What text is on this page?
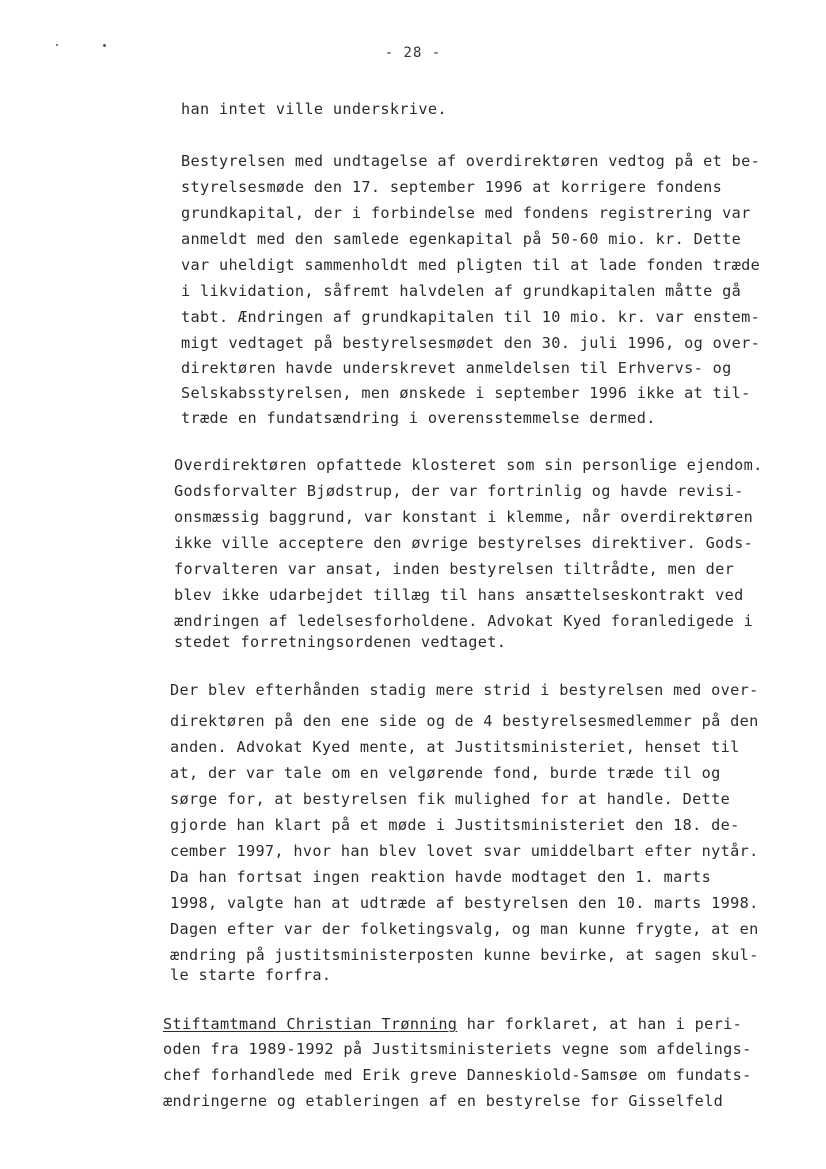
- 28 -
han intet ville underskrive.
Bestyrelsen med undtagelse af overdirektøren vedtog på et be-
styrelsesmøde den 17. september 1996 at korrigere fondens
grundkapital, der i forbindelse med fondens registrering var
anmeldt med den samlede egenkapital på 50-60 mio. kr. Dette
var uheldigt sammenholdt med pligten til at lade fonden træde
i likvidation, såfremt halvdelen af grundkapitalen måtte gå
tabt. Ændringen af grundkapitalen til 10 mio. kr. var enstem-
migt vedtaget på bestyrelsesmødet den 30. juli 1996, og over-
direktøren havde underskrevet anmeldelsen til Erhvervs- og
Selskabsstyrelsen, men ønskede i september 1996 ikke at til-
træde en fundatsændring i overensstemmelse dermed.
Overdirektøren opfattede klosteret som sin personlige ejendom.
Godsforvalter Bjødstrup, der var fortrinlig og havde revisi-
onsmæssig baggrund, var konstant i klemme, når overdirektøren
ikke ville acceptere den øvrige bestyrelses direktiver. Gods-
forvalteren var ansat, inden bestyrelsen tiltrådte, men der
blev ikke udarbejdet tillæg til hans ansættelseskontrakt ved
ændringen af ledelsesforholdene. Advokat Kyed foranledigede i
stedet forretningsordenen vedtaget.
Der blev efterhånden stadig mere strid i bestyrelsen med over-
direktøren på den ene side og de 4 bestyrelsesmedlemmer på den
anden. Advokat Kyed mente, at Justitsministeriet, henset til
at, der var tale om en velgørende fond, burde træde til og
sørge for, at bestyrelsen fik mulighed for at handle. Dette
gjorde han klart på et møde i Justitsministeriet den 18. de-
cember 1997, hvor han blev lovet svar umiddelbart efter nytår.
Da han fortsat ingen reaktion havde modtaget den 1. marts
1998, valgte han at udtræde af bestyrelsen den 10. marts 1998.
Dagen efter var der folketingsvalg, og man kunne frygte, at en
ændring på justitsministerposten kunne bevirke, at sagen skul-
le starte forfra.
Stiftamtmand Christian Trønning har forklaret, at han i peri-
oden fra 1989-1992 på Justitsministeriets vegne som afdelings-
chef forhandlede med Erik greve Danneskiold-Samsøe om fundats-
ændringerne og etableringen af en bestyrelse for Gisselfeld
